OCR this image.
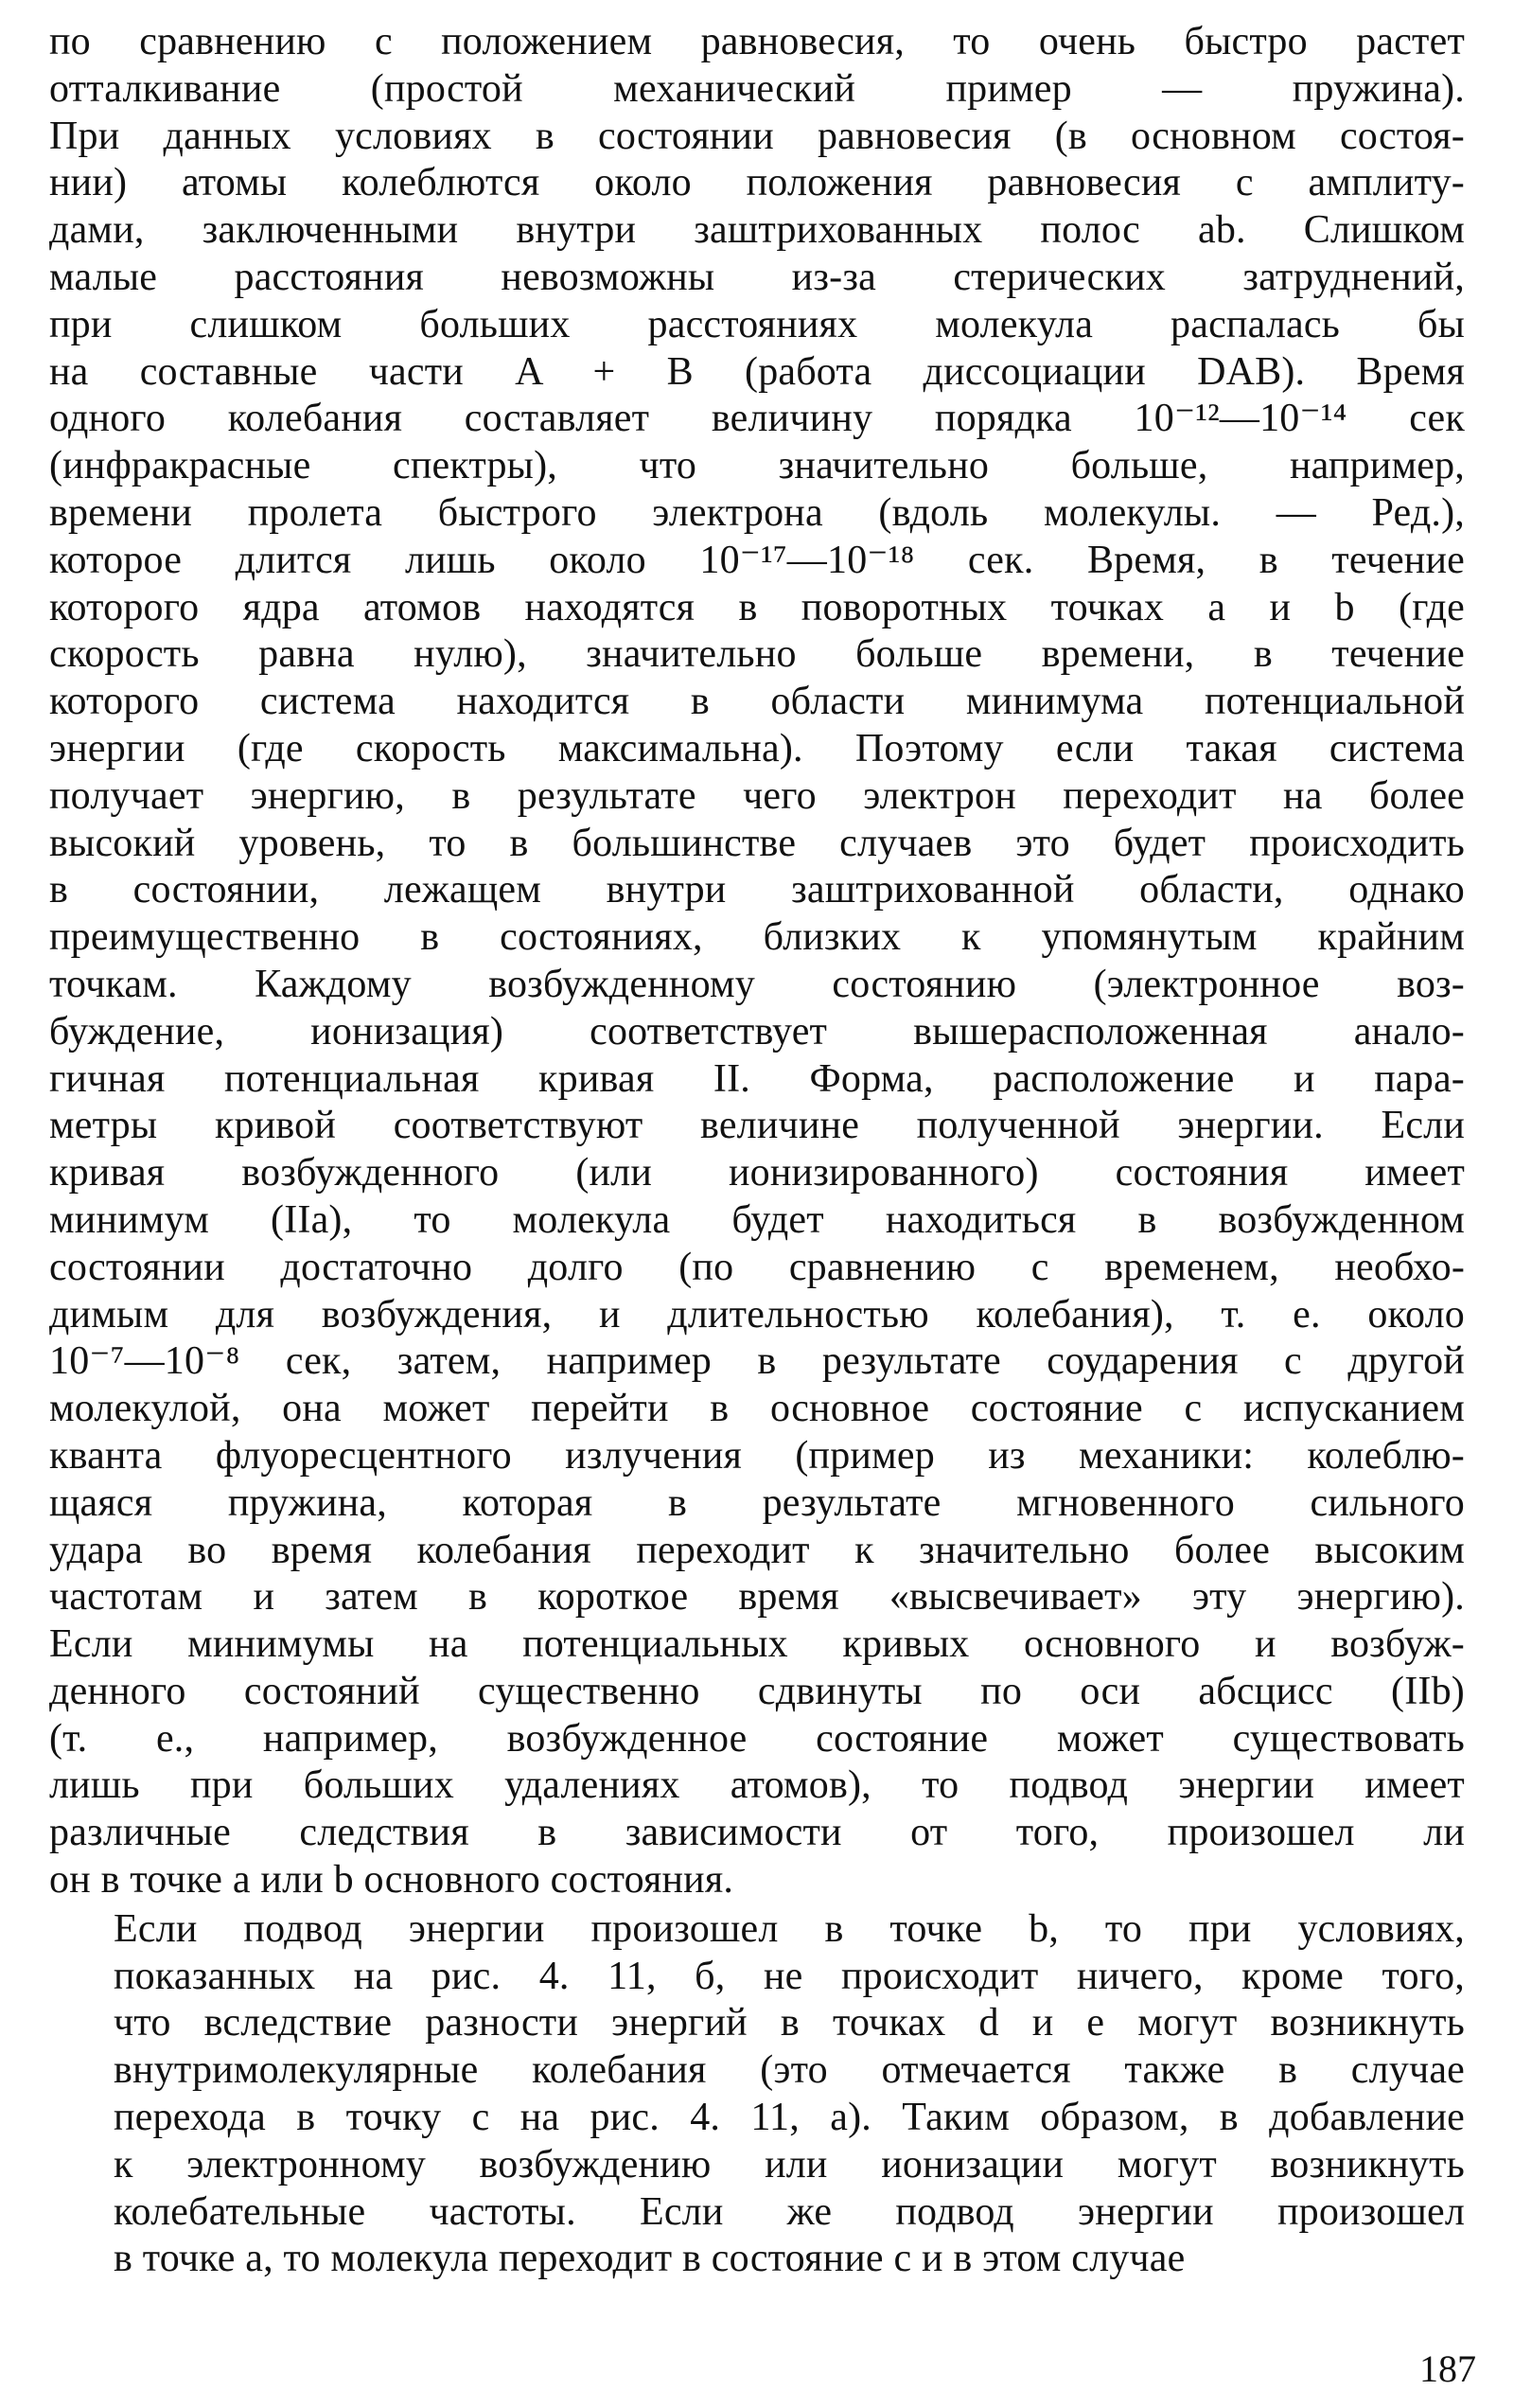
по сравнению с положением равновесия, то очень быстро растет
отталкивание (простой механический пример — пружина).
При данных условиях в состоянии равновесия (в основном состоя-
нии) атомы колеблются около положения равновесия с амплиту-
дами, заключенными внутри заштрихованных полос ab. Слишком
малые расстояния невозможны из-за стерических затруднений,
при слишком больших расстояниях молекула распалась бы
на составные части A + B (работа диссоциации DAB). Время
одного колебания составляет величину порядка 10⁻¹²—10⁻¹⁴ сек
(инфракрасные спектры), что значительно больше, например,
времени пролета быстрого электрона (вдоль молекулы. — Ред.),
которое длится лишь около 10⁻¹⁷—10⁻¹⁸ сек. Время, в течение
которого ядра атомов находятся в поворотных точках a и b (где
скорость равна нулю), значительно больше времени, в течение
которого система находится в области минимума потенциальной
энергии (где скорость максимальна). Поэтому если такая система
получает энергию, в результате чего электрон переходит на более
высокий уровень, то в большинстве случаев это будет происходить
в состоянии, лежащем внутри заштрихованной области, однако
преимущественно в состояниях, близких к упомянутым крайним
точкам. Каждому возбужденному состоянию (электронное воз-
буждение, ионизация) соответствует вышерасположенная анало-
гичная потенциальная кривая II. Форма, расположение и пара-
метры кривой соответствуют величине полученной энергии. Если
кривая возбужденного (или ионизированного) состояния имеет
минимум (IIa), то молекула будет находиться в возбужденном
состоянии достаточно долго (по сравнению с временем, необхо-
димым для возбуждения, и длительностью колебания), т. е. около
10⁻⁷—10⁻⁸ сек, затем, например в результате соударения с другой
молекулой, она может перейти в основное состояние с испусканием
кванта флуоресцентного излучения (пример из механики: колеблю-
щаяся пружина, которая в результате мгновенного сильного
удара во время колебания переходит к значительно более высоким
частотам и затем в короткое время «высвечивает» эту энергию).
Если минимумы на потенциальных кривых основного и возбуж-
денного состояний существенно сдвинуты по оси абсцисс (IIb)
(т. е., например, возбужденное состояние может существовать
лишь при больших удалениях атомов), то подвод энергии имеет
различные следствия в зависимости от того, произошел ли
он в точке a или b основного состояния.

Если подвод энергии произошел в точке b, то при условиях,
показанных на рис. 4. 11, б, не происходит ничего, кроме того,
что вследствие разности энергий в точках d и e могут возникнуть
внутримолекулярные колебания (это отмечается также в случае
перехода в точку c на рис. 4. 11, a). Таким образом, в добавление
к электронному возбуждению или ионизации могут возникнуть
колебательные частоты. Если же подвод энергии произошел
в точке a, то молекула переходит в состояние c и в этом случае

187
